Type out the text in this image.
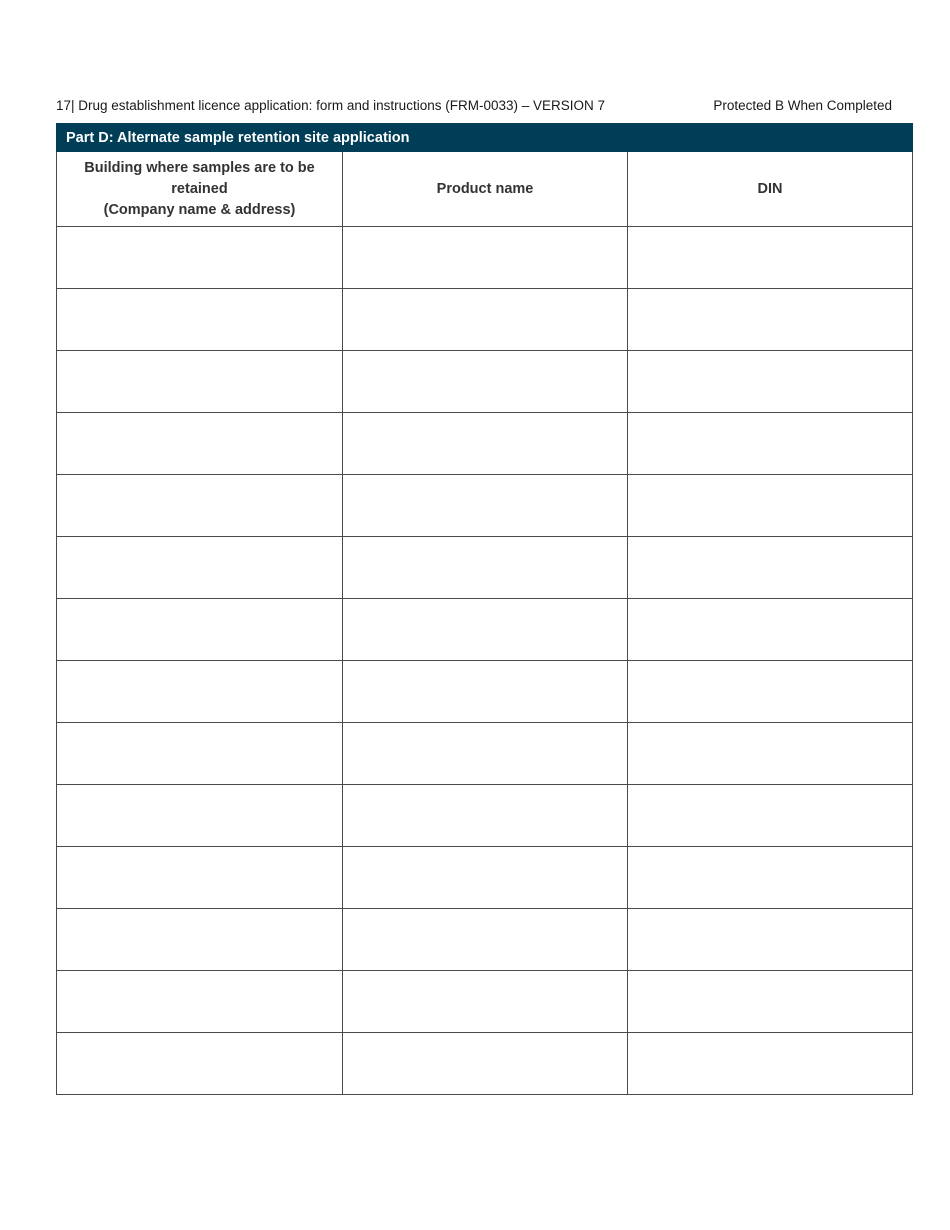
17| Drug establishment licence application: form and instructions (FRM-0033) – VERSION 7	Protected B When Completed
Part D: Alternate sample retention site application		

Building where samples are to be
retained
(Company name & address)	Product name	DIN
